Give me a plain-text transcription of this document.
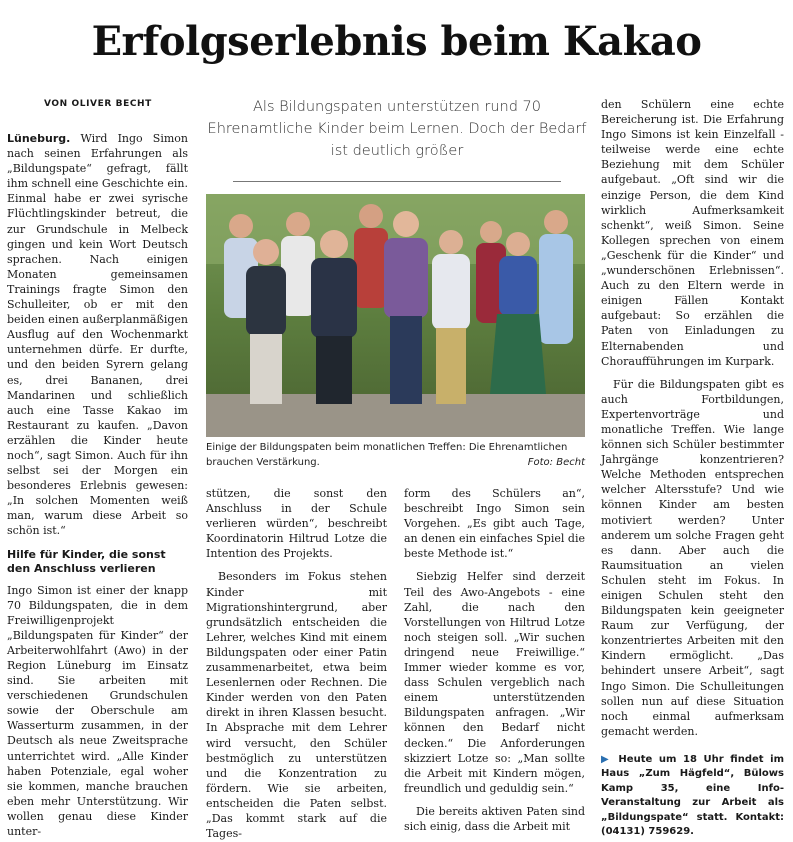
Erfolgserlebnis beim Kakao
VON OLIVER BECHT	Als Bildungspaten unterstützen rund 70 Ehrenamtliche Kinder beim Lernen. Doch der Bedarf ist deutlich größer
Einige der Bildungspaten beim monatlichen Treffen: Die Ehrenamtlichen brauchen Verstärkung.	Foto: Becht

Lüneburg. Wird Ingo Simon nach seinen Erfahrungen als „Bildungspate“ gefragt, fällt ihm schnell eine Geschichte ein. Einmal habe er zwei syrische Flüchtlingskinder betreut, die zur Grundschule in Melbeck gingen und kein Wort Deutsch sprachen. Nach einigen Monaten gemeinsamen Trainings fragte Simon den Schulleiter, ob er mit den beiden einen außerplanmäßigen Ausflug auf den Wochenmarkt unternehmen dürfe. Er durfte, und den beiden Syrern gelang es, drei Bananen, drei Mandarinen und schließlich auch eine Tasse Kakao im Restaurant zu kaufen. „Davon erzählen die Kinder heute noch“, sagt Simon. Auch für ihn selbst sei der Morgen ein besonderes Erlebnis gewesen: „In solchen Momenten weiß man, warum diese Arbeit so schön ist.“

Hilfe für Kinder, die sonst den Anschluss verlieren

Ingo Simon ist einer der knapp 70 Bildungspaten, die in dem Freiwilligenprojekt „Bildungspaten für Kinder“ der Arbeiterwohlfahrt (Awo) in der Region Lüneburg im Einsatz sind. Sie arbeiten mit verschiedenen Grundschulen sowie der Oberschule am Wasserturm zusammen, in der Deutsch als neue Zweitsprache unterrichtet wird. „Alle Kinder haben Potenziale, egal woher sie kommen, manche brauchen eben mehr Unterstützung. Wir wollen genau diese Kinder unter-

stützen, die sonst den Anschluss in der Schule verlieren würden“, beschreibt Koordinatorin Hiltrud Lotze die Intention des Projekts.

Besonders im Fokus stehen Kinder mit Migrationshintergrund, aber grundsätzlich entscheiden die Lehrer, welches Kind mit einem Bildungspaten oder einer Patin zusammenarbeitet, etwa beim Lesenlernen oder Rechnen. Die Kinder werden von den Paten direkt in ihren Klassen besucht. In Absprache mit dem Lehrer wird versucht, den Schüler bestmöglich zu unterstützen und die Konzentration zu fördern. Wie sie arbeiten, entscheiden die Paten selbst. „Das kommt stark auf die Tages-

form des Schülers an“, beschreibt Ingo Simon sein Vorgehen. „Es gibt auch Tage, an denen ein einfaches Spiel die beste Methode ist.“

Siebzig Helfer sind derzeit Teil des Awo-Angebots - eine Zahl, die nach den Vorstellungen von Hiltrud Lotze noch steigen soll. „Wir suchen dringend neue Freiwillige.“ Immer wieder komme es vor, dass Schulen vergeblich nach einem unterstützenden Bildungspaten anfragen. „Wir können den Bedarf nicht decken.“ Die Anforderungen skizziert Lotze so: „Man sollte die Arbeit mit Kindern mögen, freundlich und geduldig sein.“

Die bereits aktiven Paten sind sich einig, dass die Arbeit mit

den Schülern eine echte Bereicherung ist. Die Erfahrung Ingo Simons ist kein Einzelfall - teilweise werde eine echte Beziehung mit dem Schüler aufgebaut. „Oft sind wir die einzige Person, die dem Kind wirklich Aufmerksamkeit schenkt“, weiß Simon. Seine Kollegen sprechen von einem „Geschenk für die Kinder“ und „wunderschönen Erlebnissen“. Auch zu den Eltern werde in einigen Fällen Kontakt aufgebaut: So erzählen die Paten von Einladungen zu Elternabenden und Choraufführungen im Kurpark.

Für die Bildungspaten gibt es auch Fortbildungen, Expertenvorträge und monatliche Treffen. Wie lange können sich Schüler bestimmter Jahrgänge konzentrieren? Welche Methoden entsprechen welcher Altersstufe? Und wie können Kinder am besten motiviert werden? Unter anderem um solche Fragen geht es dann. Aber auch die Raumsituation an vielen Schulen steht im Fokus. In einigen Schulen steht den Bildungspaten kein geeigneter Raum zur Verfügung, der konzentriertes Arbeiten mit den Kindern ermöglicht. „Das behindert unsere Arbeit“, sagt Ingo Simon. Die Schulleitungen sollen nun auf diese Situation noch einmal aufmerksam gemacht werden.

▶ Heute um 18 Uhr findet im Haus „Zum Hägfeld“, Bülows Kamp 35, eine Info-Veranstaltung zur Arbeit als „Bildungspate“ statt. Kontakt: (04131) 759629.
